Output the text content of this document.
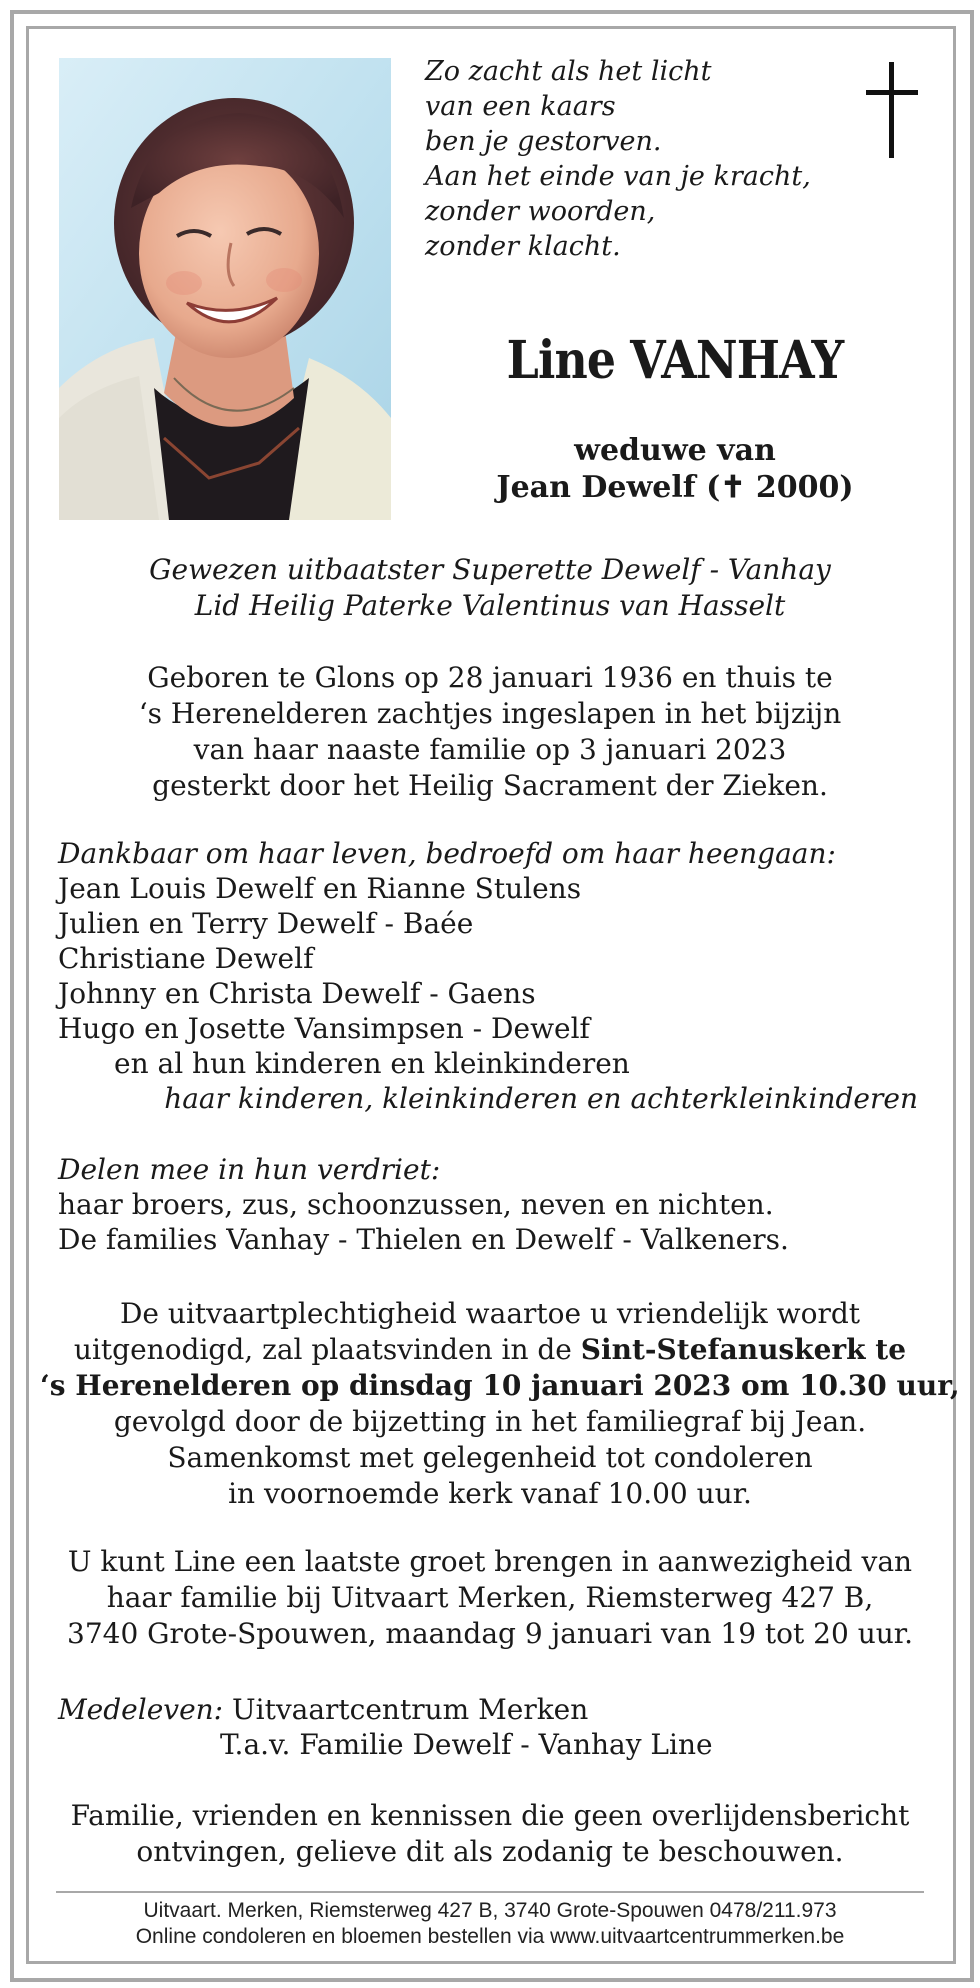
Zo zacht als het licht
van een kaars
ben je gestorven.
Aan het einde van je kracht,
zonder woorden,
zonder klacht.
Line VANHAY
weduwe van
Jean Dewelf (✝ 2000)
Gewezen uitbaatster Superette Dewelf - Vanhay
Lid Heilig Paterke Valentinus van Hasselt
Geboren te Glons op 28 januari 1936 en thuis te
‘s Herenelderen zachtjes ingeslapen in het bijzijn
van haar naaste familie op 3 januari 2023
gesterkt door het Heilig Sacrament der Zieken.
Dankbaar om haar leven, bedroefd om haar heengaan:
Jean Louis Dewelf en Rianne Stulens
Julien en Terry Dewelf - Baée
Christiane Dewelf
Johnny en Christa Dewelf - Gaens
Hugo en Josette Vansimpsen - Dewelf
en al hun kinderen en kleinkinderen
haar kinderen, kleinkinderen en achterkleinkinderen
Delen mee in hun verdriet:
haar broers, zus, schoonzussen, neven en nichten.
De families Vanhay - Thielen en Dewelf - Valkeners.
De uitvaartplechtigheid waartoe u vriendelijk wordt
uitgenodigd, zal plaatsvinden in de Sint-Stefanuskerk te
‘s Herenelderen op dinsdag 10 januari 2023 om 10.30 uur,
gevolgd door de bijzetting in het familiegraf bij Jean.
Samenkomst met gelegenheid tot condoleren
in voornoemde kerk vanaf 10.00 uur.
U kunt Line een laatste groet brengen in aanwezigheid van
haar familie bij Uitvaart Merken, Riemsterweg 427 B,
3740 Grote-Spouwen, maandag 9 januari van 19 tot 20 uur.
Medeleven: Uitvaartcentrum Merken
T.a.v. Familie Dewelf - Vanhay Line
Familie, vrienden en kennissen die geen overlijdensbericht
ontvingen, gelieve dit als zodanig te beschouwen.
Uitvaart. Merken, Riemsterweg 427 B, 3740 Grote-Spouwen 0478/211.973
Online condoleren en bloemen bestellen via www.uitvaartcentrummerken.be
